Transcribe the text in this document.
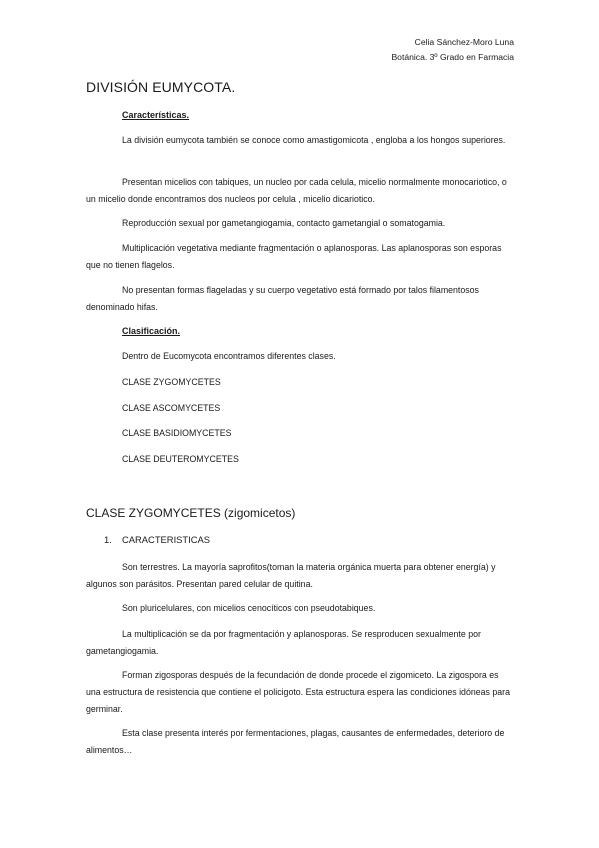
Celia Sánchez-Moro Luna
Botánica. 3º Grado en Farmacia
DIVISIÓN EUMYCOTA.
Características.
La división eumycota también se conoce como amastigomicota , engloba a los hongos superiores.
Presentan micelios con tabiques, un nucleo por cada celula, micelio normalmente monocariotico, o un micelio donde encontramos dos nucleos por celula , micelio dicariotico.
Reproducción sexual por gametangiogamia, contacto gametangial o somatogamia.
Multiplicación vegetativa mediante fragmentación o aplanosporas. Las aplanosporas son esporas que no tienen flagelos.
No presentan formas flageladas y su cuerpo vegetativo está formado por talos filamentosos denominado hifas.
Clasificación.
Dentro de Eucomycota encontramos diferentes clases.
CLASE ZYGOMYCETES
CLASE ASCOMYCETES
CLASE BASIDIOMYCETES
CLASE DEUTEROMYCETES
CLASE ZYGOMYCETES (zigomicetos)
1. CARACTERISTICAS
Son terrestres. La mayoría saprofitos(toman la materia orgánica muerta para obtener energía) y algunos son parásitos. Presentan pared celular de quitina.
Son pluricelulares, con micelios cenocíticos con pseudotabiques.
La multiplicación se da por fragmentación y aplanosporas. Se resproducen sexualmente por gametangiogamia.
Forman zigosporas después de la fecundación de donde procede el zigomiceto. La zigospora es una estructura de resistencia que contiene el policigoto. Esta estructura espera las condiciones idóneas para germinar.
Esta clase presenta interés por fermentaciones, plagas, causantes de enfermedades, deterioro de alimentos…
